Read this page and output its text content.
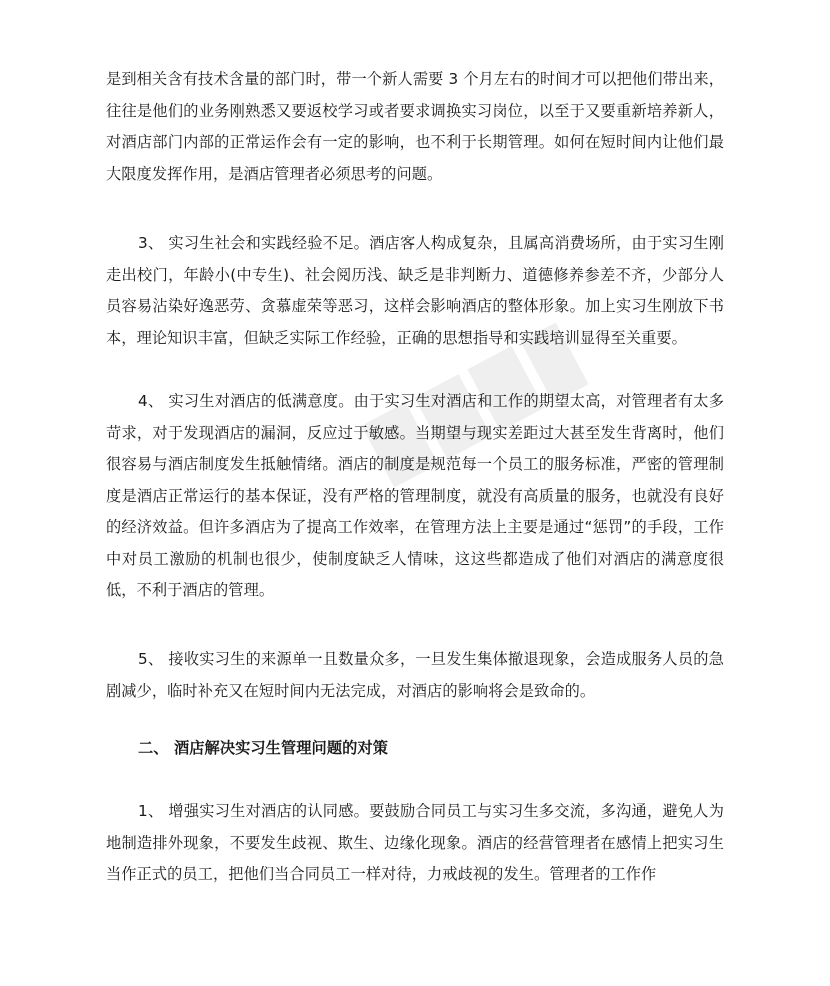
是到相关含有技术含量的部门时，带一个新人需要 3 个月左右的时间才可以把他们带出来，往往是他们的业务刚熟悉又要返校学习或者要求调换实习岗位，以至于又要重新培养新人，对酒店部门内部的正常运作会有一定的影响，也不利于长期管理。如何在短时间内让他们最大限度发挥作用，是酒店管理者必须思考的问题。

3、 实习生社会和实践经验不足。酒店客人构成复杂，且属高消费场所，由于实习生刚走出校门，年龄小(中专生)、社会阅历浅、缺乏是非判断力、道德修养参差不齐，少部分人员容易沾染好逸恶劳、贪慕虚荣等恶习，这样会影响酒店的整体形象。加上实习生刚放下书本，理论知识丰富，但缺乏实际工作经验，正确的思想指导和实践培训显得至关重要。

4、 实习生对酒店的低满意度。由于实习生对酒店和工作的期望太高，对管理者有太多苛求，对于发现酒店的漏洞，反应过于敏感。当期望与现实差距过大甚至发生背离时，他们很容易与酒店制度发生抵触情绪。酒店的制度是规范每一个员工的服务标准，严密的管理制度是酒店正常运行的基本保证，没有严格的管理制度，就没有高质量的服务，也就没有良好的经济效益。但许多酒店为了提高工作效率，在管理方法上主要是通过“惩罚”的手段，工作中对员工激励的机制也很少，使制度缺乏人情味，这这些都造成了他们对酒店的满意度很低，不利于酒店的管理。

5、 接收实习生的来源单一且数量众多，一旦发生集体撤退现象，会造成服务人员的急剧减少，临时补充又在短时间内无法完成，对酒店的影响将会是致命的。

二、 酒店解决实习生管理问题的对策

1、 增强实习生对酒店的认同感。要鼓励合同员工与实习生多交流，多沟通，避免人为地制造排外现象，不要发生歧视、欺生、边缘化现象。酒店的经营管理者在感情上把实习生当作正式的员工，把他们当合同员工一样对待，力戒歧视的发生。管理者的工作作
